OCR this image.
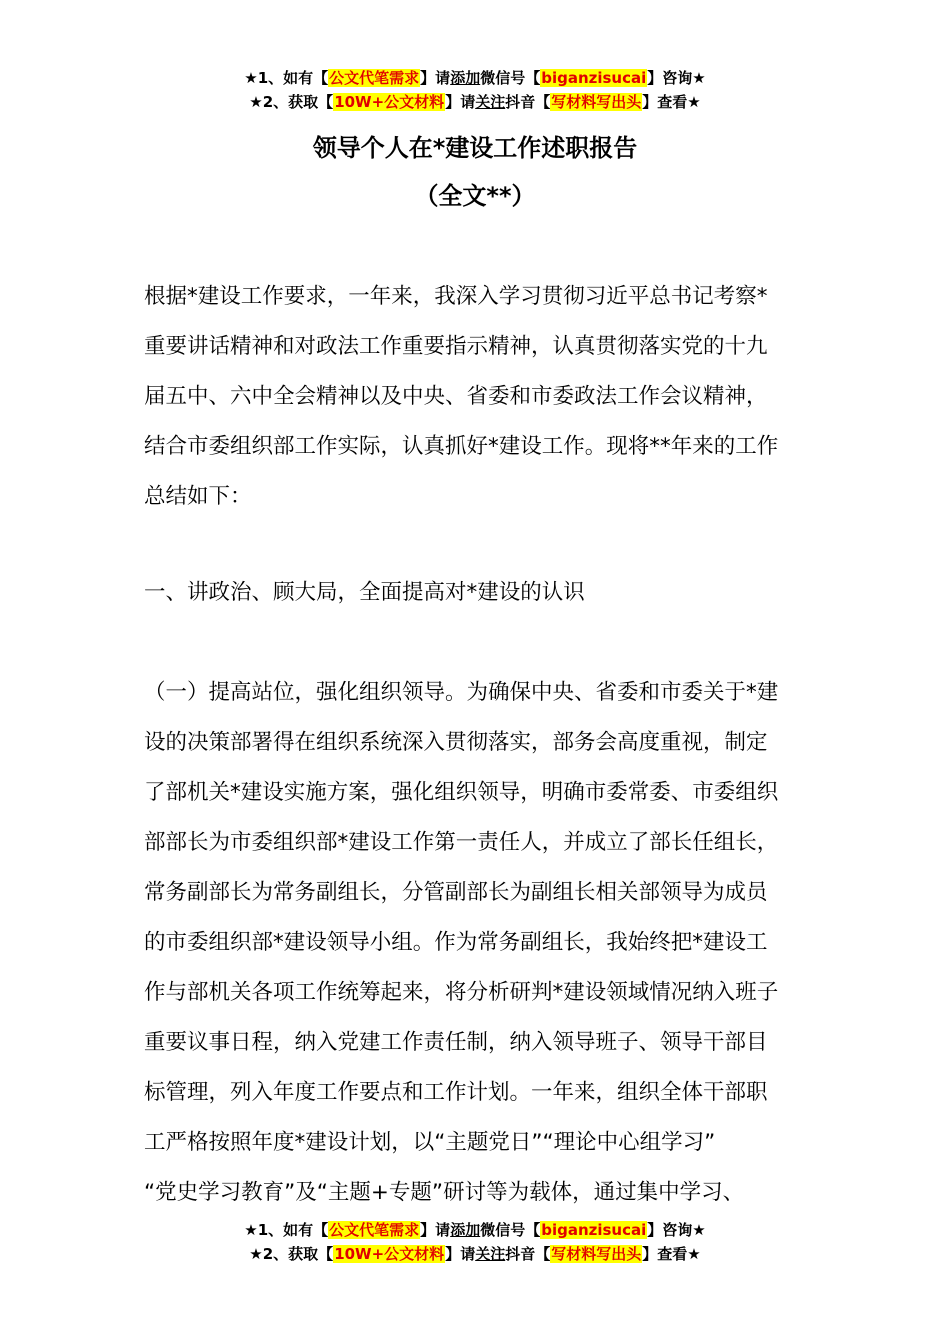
★1、如有【公文代笔需求】请添加微信号【biganzisucai】咨询★
★2、获取【10W+公文材料】请关注抖音【写材料写出头】查看★
领导个人在*建设工作述职报告
（全文**）
根据*建设工作要求，一年来，我深入学习贯彻习近平总书记考察*
重要讲话精神和对政法工作重要指示精神，认真贯彻落实党的十九
届五中、六中全会精神以及中央、省委和市委政法工作会议精神，
结合市委组织部工作实际，认真抓好*建设工作。现将**年来的工作
总结如下：
一、讲政治、顾大局，全面提高对*建设的认识
（一）提高站位，强化组织领导。为确保中央、省委和市委关于*建
设的决策部署得在组织系统深入贯彻落实，部务会高度重视，制定
了部机关*建设实施方案，强化组织领导，明确市委常委、市委组织
部部长为市委组织部*建设工作第一责任人，并成立了部长任组长，
常务副部长为常务副组长，分管副部长为副组长相关部领导为成员
的市委组织部*建设领导小组。作为常务副组长，我始终把*建设工
作与部机关各项工作统筹起来，将分析研判*建设领域情况纳入班子
重要议事日程，纳入党建工作责任制，纳入领导班子、领导干部目
标管理，列入年度工作要点和工作计划。一年来，组织全体干部职
工严格按照年度*建设计划，以“主题党日”“理论中心组学习”
“党史学习教育”及“主题+专题”研讨等为载体，通过集中学习、
★1、如有【公文代笔需求】请添加微信号【biganzisucai】咨询★
★2、获取【10W+公文材料】请关注抖音【写材料写出头】查看★
